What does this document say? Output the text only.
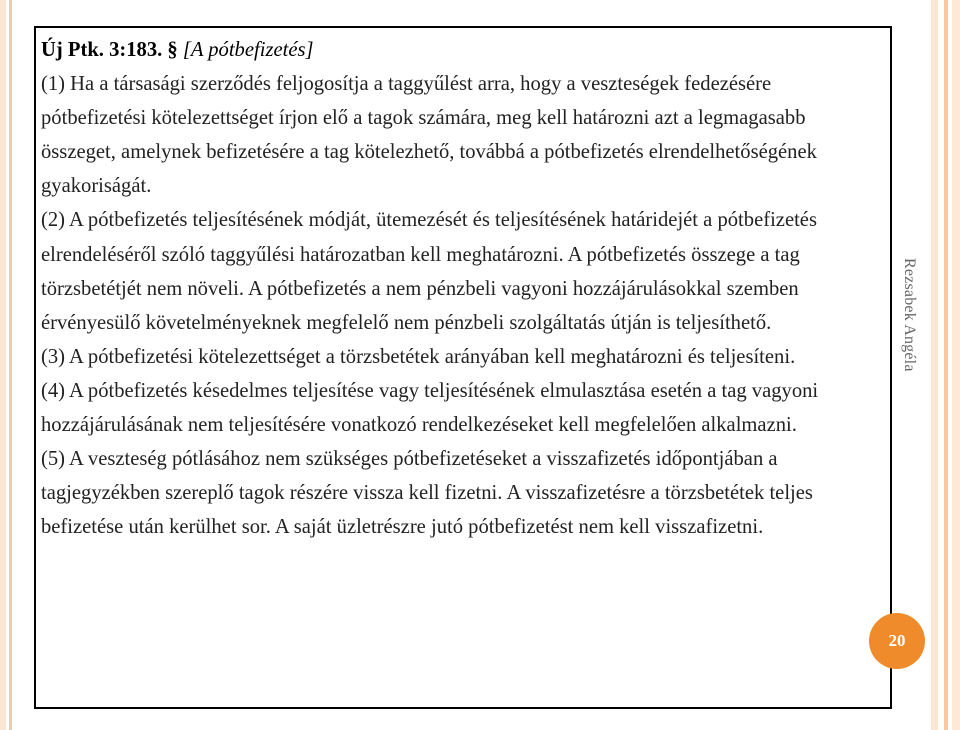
Új Ptk. 3:183. § [A pótbefizetés]

(1) Ha a társasági szerződés feljogosítja a taggyűlést arra, hogy a veszteségek fedezésére pótbefizetési kötelezettséget írjon elő a tagok számára, meg kell határozni azt a legmagasabb összeget, amelynek befizetésére a tag kötelezhető, továbbá a pótbefizetés elrendelhetőségének gyakoriságát.

(2) A pótbefizetés teljesítésének módját, ütemezését és teljesítésének határidejét a pótbefizetés elrendeléséről szóló taggyűlési határozatban kell meghatározni. A pótbefizetés összege a tag törzsbetétjét nem növeli. A pótbefizetés a nem pénzbeli vagyoni hozzájárulásokkal szemben érvényesülő követelményeknek megfelelő nem pénzbeli szolgáltatás útján is teljesíthető.

(3) A pótbefizetési kötelezettséget a törzsbetétek arányában kell meghatározni és teljesíteni.

(4) A pótbefizetés késedelmes teljesítése vagy teljesítésének elmulasztása esetén a tag vagyoni hozzájárulásának nem teljesítésére vonatkozó rendelkezéseket kell megfelelően alkalmazni.

(5) A veszteség pótlásához nem szükséges pótbefizetéseket a visszafizetés időpontjában a tagjegyzékben szereplő tagok részére vissza kell fizetni. A visszafizetésre a törzsbetétek teljes befizetése után kerülhet sor. A saját üzletrészre jutó pótbefizetést nem kell visszafizetni.

Rezsabek Angéla
20
